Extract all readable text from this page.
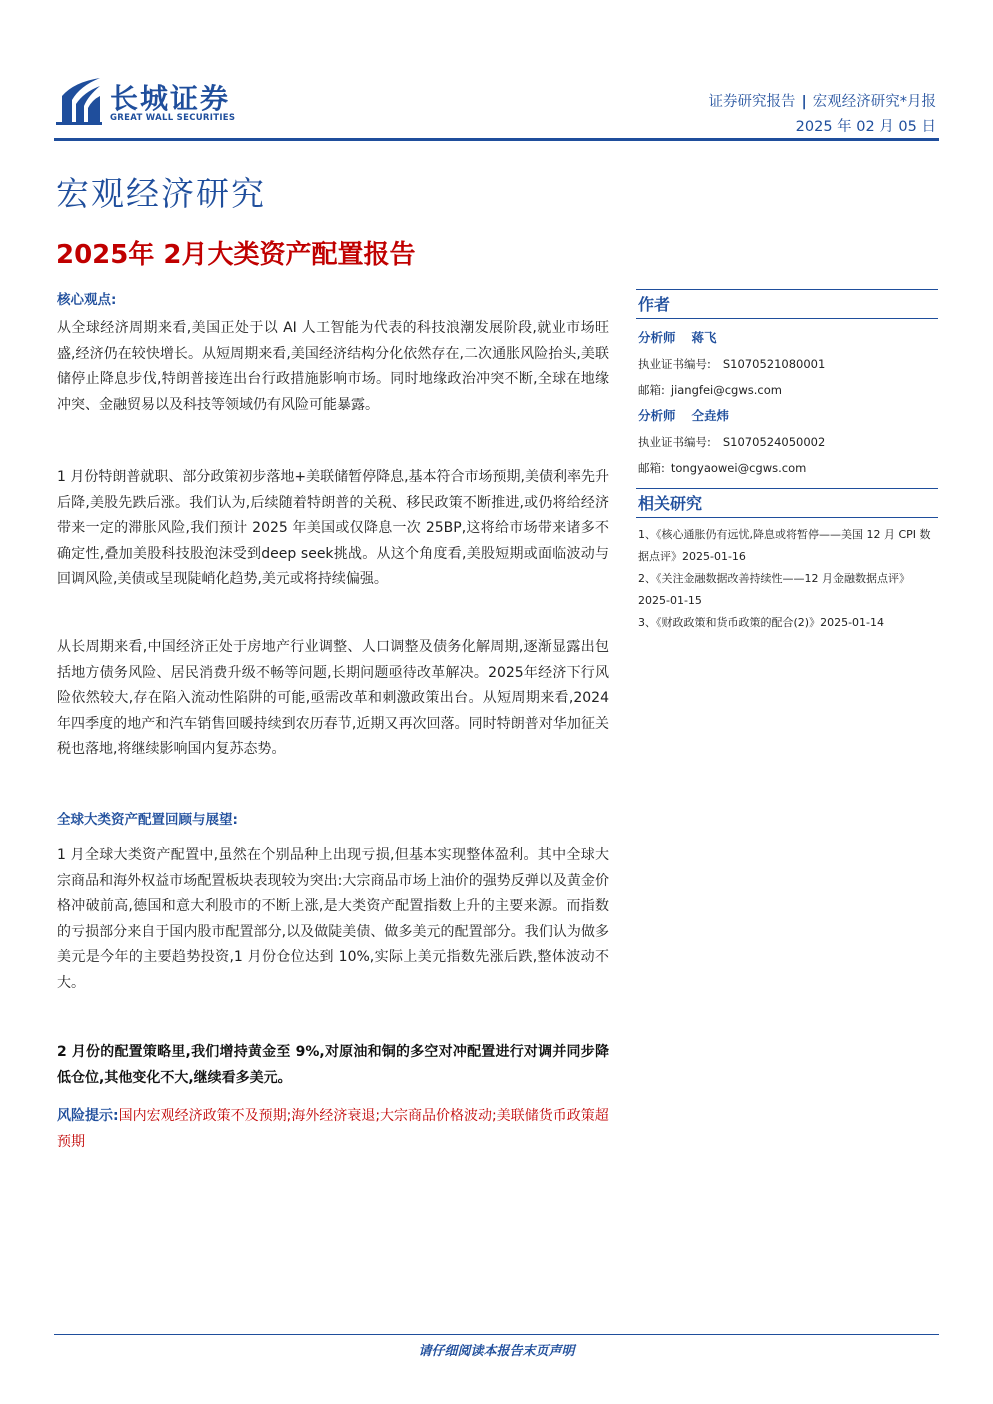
长城证券
GREAT WALL SECURITIES
证券研究报告 | 宏观经济研究*月报
2025 年 02 月 05 日
宏观经济研究
2025年 2月大类资产配置报告
核心观点:
从全球经济周期来看,美国正处于以 AI 人工智能为代表的科技浪潮发展阶段,就业市场旺盛,经济仍在较快增长。从短周期来看,美国经济结构分化依然存在,二次通胀风险抬头,美联储停止降息步伐,特朗普接连出台行政措施影响市场。同时地缘政治冲突不断,全球在地缘冲突、金融贸易以及科技等领域仍有风险可能暴露。
1 月份特朗普就职、部分政策初步落地+美联储暂停降息,基本符合市场预期,美债利率先升后降,美股先跌后涨。我们认为,后续随着特朗普的关税、移民政策不断推进,或仍将给经济带来一定的滞胀风险,我们预计 2025 年美国或仅降息一次 25BP,这将给市场带来诸多不确定性,叠加美股科技股泡沫受到deep seek挑战。从这个角度看,美股短期或面临波动与回调风险,美债或呈现陡峭化趋势,美元或将持续偏强。
从长周期来看,中国经济正处于房地产行业调整、人口调整及债务化解周期,逐渐显露出包括地方债务风险、居民消费升级不畅等问题,长期问题亟待改革解决。2025年经济下行风险依然较大,存在陷入流动性陷阱的可能,亟需改革和刺激政策出台。从短周期来看,2024年四季度的地产和汽车销售回暖持续到农历春节,近期又再次回落。同时特朗普对华加征关税也落地,将继续影响国内复苏态势。
全球大类资产配置回顾与展望:
1 月全球大类资产配置中,虽然在个别品种上出现亏损,但基本实现整体盈利。其中全球大宗商品和海外权益市场配置板块表现较为突出:大宗商品市场上油价的强势反弹以及黄金价格冲破前高,德国和意大利股市的不断上涨,是大类资产配置指数上升的主要来源。而指数的亏损部分来自于国内股市配置部分,以及做陡美债、做多美元的配置部分。我们认为做多美元是今年的主要趋势投资,1 月份仓位达到 10%,实际上美元指数先涨后跌,整体波动不大。
2 月份的配置策略里,我们增持黄金至 9%,对原油和铜的多空对冲配置进行对调并同步降低仓位,其他变化不大,继续看多美元。
风险提示:国内宏观经济政策不及预期;海外经济衰退;大宗商品价格波动;美联储货币政策超预期
作者
分析师 蒋飞
执业证书编号: S1070521080001
邮箱: jiangfei@cgws.com
分析师 仝垚炜
执业证书编号: S1070524050002
邮箱: tongyaowei@cgws.com
相关研究
1、《核心通胀仍有远忧,降息或将暂停——美国 12 月 CPI 数据点评》2025-01-16
2、《关注金融数据改善持续性——12 月金融数据点评》2025-01-15
3、《财政政策和货币政策的配合(2)》2025-01-14
请仔细阅读本报告末页声明
